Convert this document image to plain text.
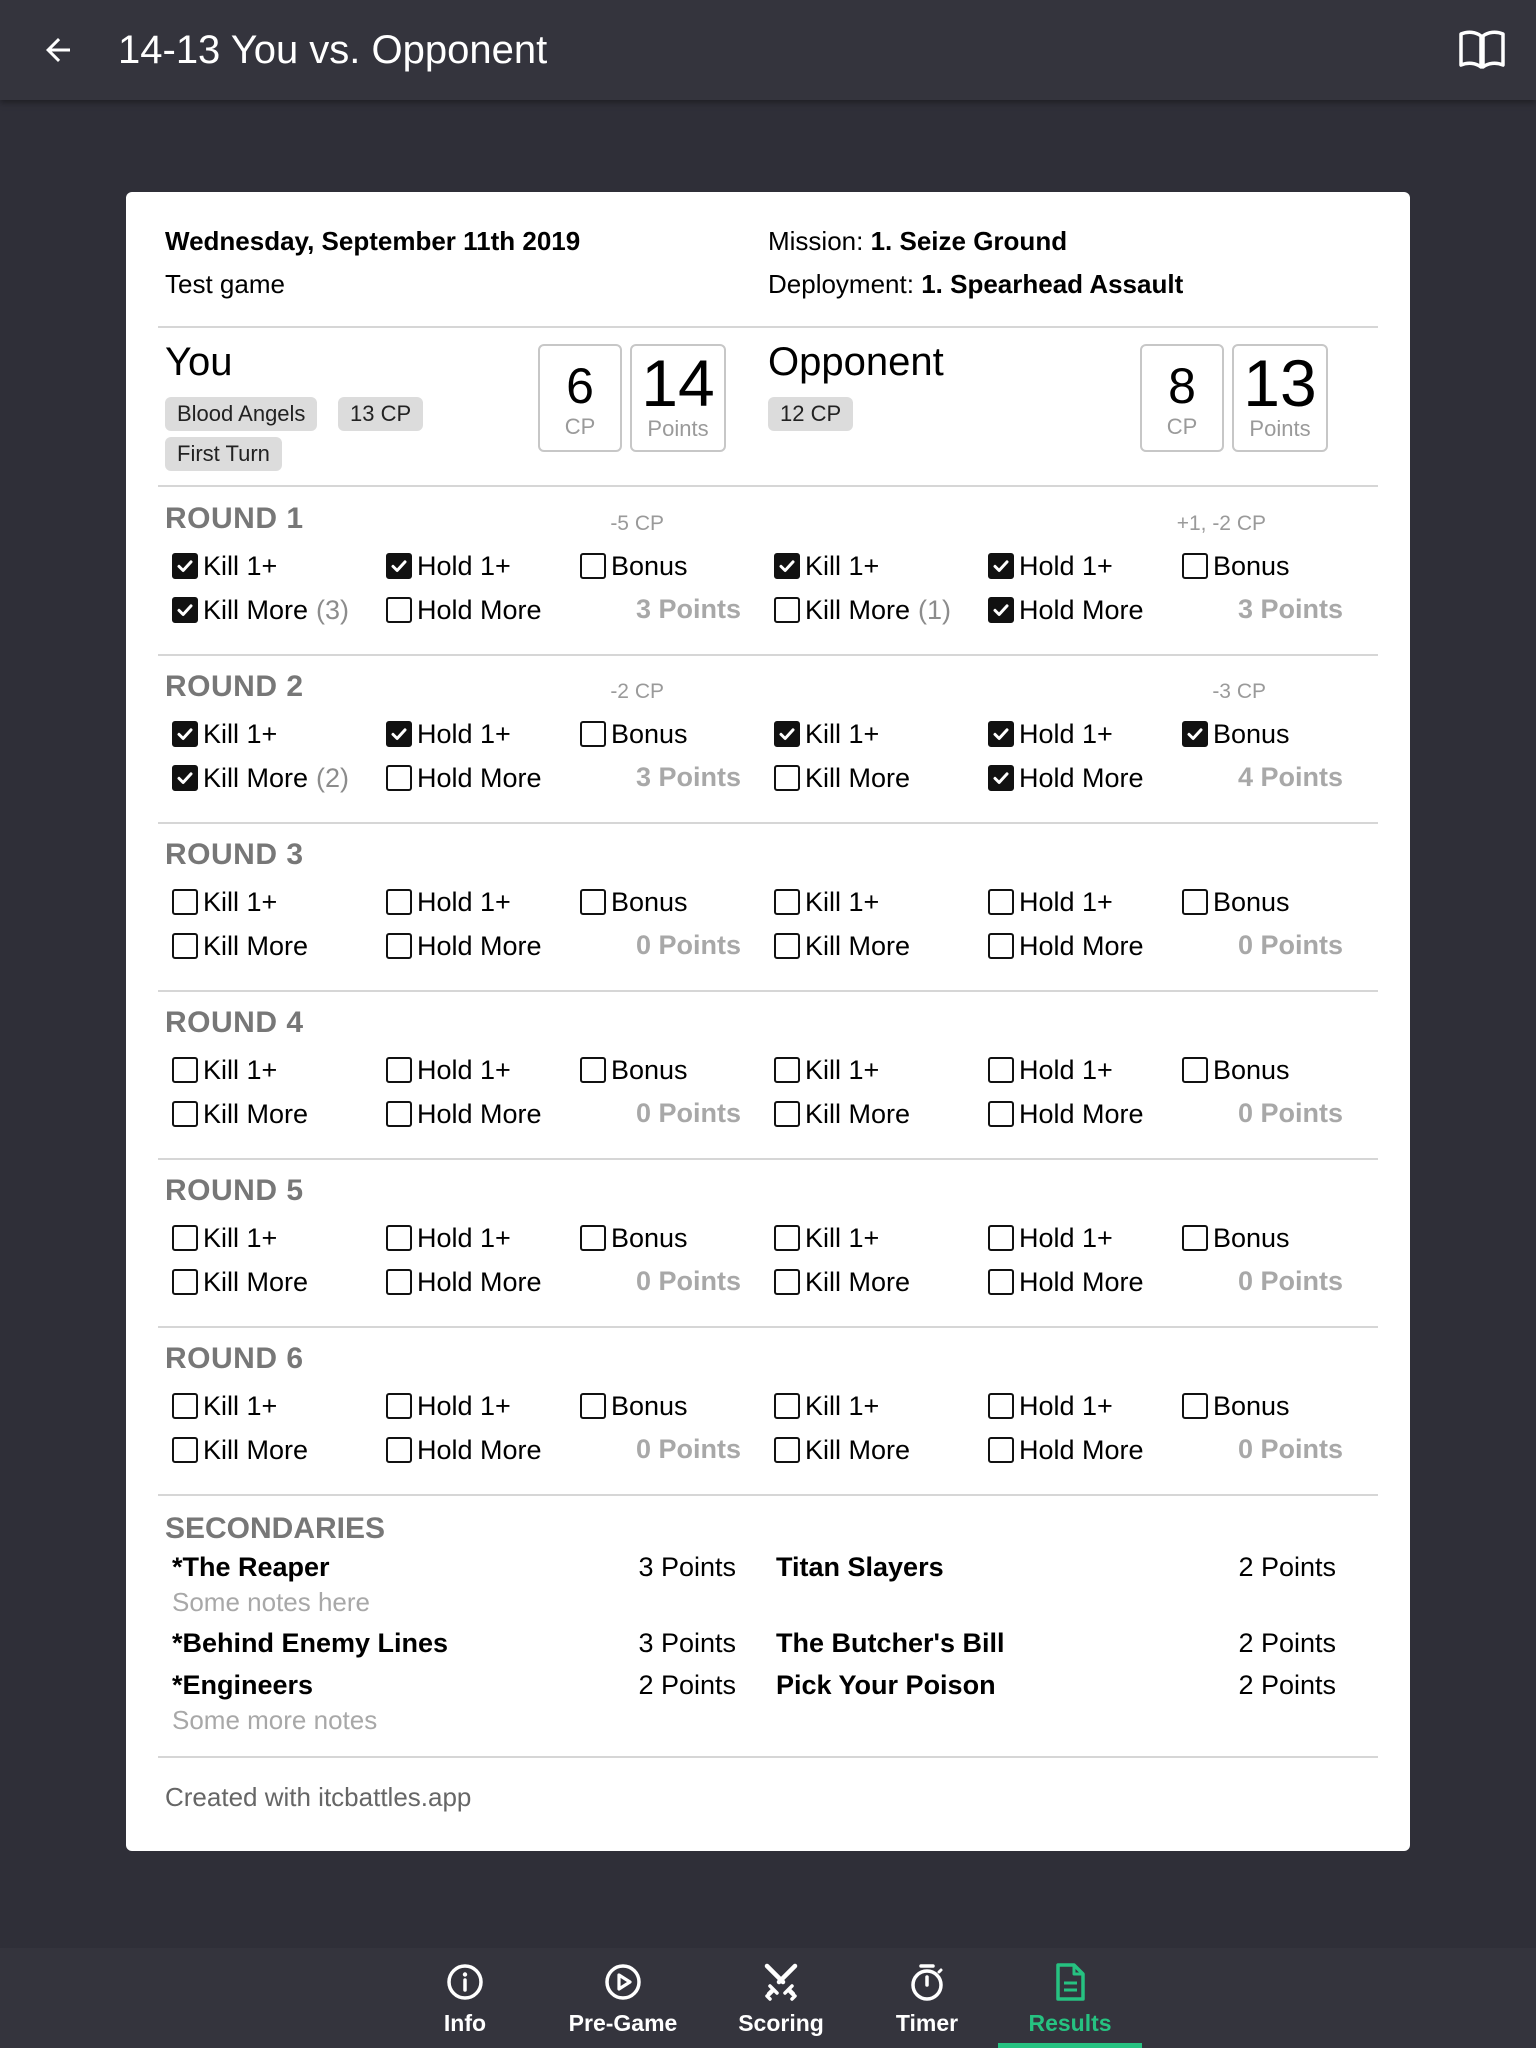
14-13 You vs. Opponent
Wednesday, September 11th 2019
Test game
Mission: 1. Seize Ground
Deployment: 1. Spearhead Assault
You
Blood Angels	13 CP
First Turn
6
CP
14
Points
Opponent
12 CP	8
CP
13
Points
SECONDARIES
*The Reaper	3 Points
Some notes here
*Behind Enemy Lines	3 Points
*Engineers	2 Points
Some more notes
Titan Slayers	2 Points
The Butcher's Bill	2 Points
Pick Your Poison	2 Points
Created with itcbattles.app
ROUND 1	-5 CP
Kill 1+	Hold 1+	Bonus
Kill More (3)	Hold More	3 Points
+1, -2 CP
Kill 1+	Hold 1+	Bonus
Kill More (1)	Hold More	3 Points
ROUND 2	-2 CP
Kill 1+	Hold 1+	Bonus
Kill More (2)	Hold More	3 Points
-3 CP
Kill 1+	Hold 1+	Bonus
Kill More	Hold More	4 Points
ROUND 3
Kill 1+	Hold 1+	Bonus
Kill More	Hold More	0 Points
Kill 1+	Hold 1+	Bonus
Kill More	Hold More	0 Points
ROUND 4
Kill 1+	Hold 1+	Bonus
Kill More	Hold More	0 Points
Kill 1+	Hold 1+	Bonus
Kill More	Hold More	0 Points
ROUND 5
Kill 1+	Hold 1+	Bonus
Kill More	Hold More	0 Points
Kill 1+	Hold 1+	Bonus
Kill More	Hold More	0 Points
ROUND 6
Kill 1+	Hold 1+	Bonus
Kill More	Hold More	0 Points
Kill 1+	Hold 1+	Bonus
Kill More	Hold More	0 Points
Info	Pre-Game	Scoring	Timer	Results
